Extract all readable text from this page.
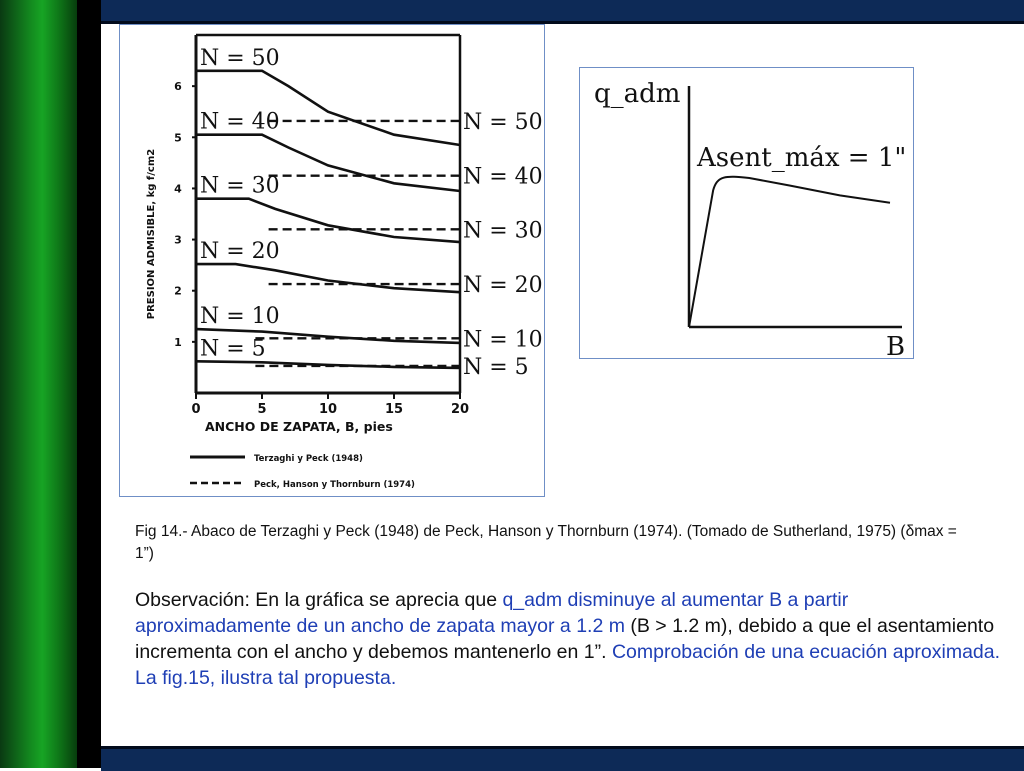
0	5	10	15	20
1
2
3
4
5
6
PRESION ADMISIBLE, kg f/cm2
ANCHO DE ZAPATA, B, pies
N = 50
N = 50
N = 40
N = 40
N = 30
N = 30
N = 20
N = 20
N = 10
N = 10
N = 5
N = 5
Terzaghi y Peck (1948)
Peck, Hanson y Thornburn (1974)
q_adm
B
Asent_máx = 1"
Fig 14.- Abaco de Terzaghi y Peck (1948) de Peck, Hanson y Thornburn (1974). (Tomado de Sutherland, 1975) (δmax = 1”)
Observación: En la gráfica se aprecia que q_adm disminuye al aumentar B a partir aproximadamente de un ancho de zapata mayor a 1.2 m (B > 1.2 m), debido a que el asentamiento incrementa con el ancho y debemos mantenerlo en 1”. Comprobación de una ecuación aproximada. La fig.15, ilustra tal propuesta.
